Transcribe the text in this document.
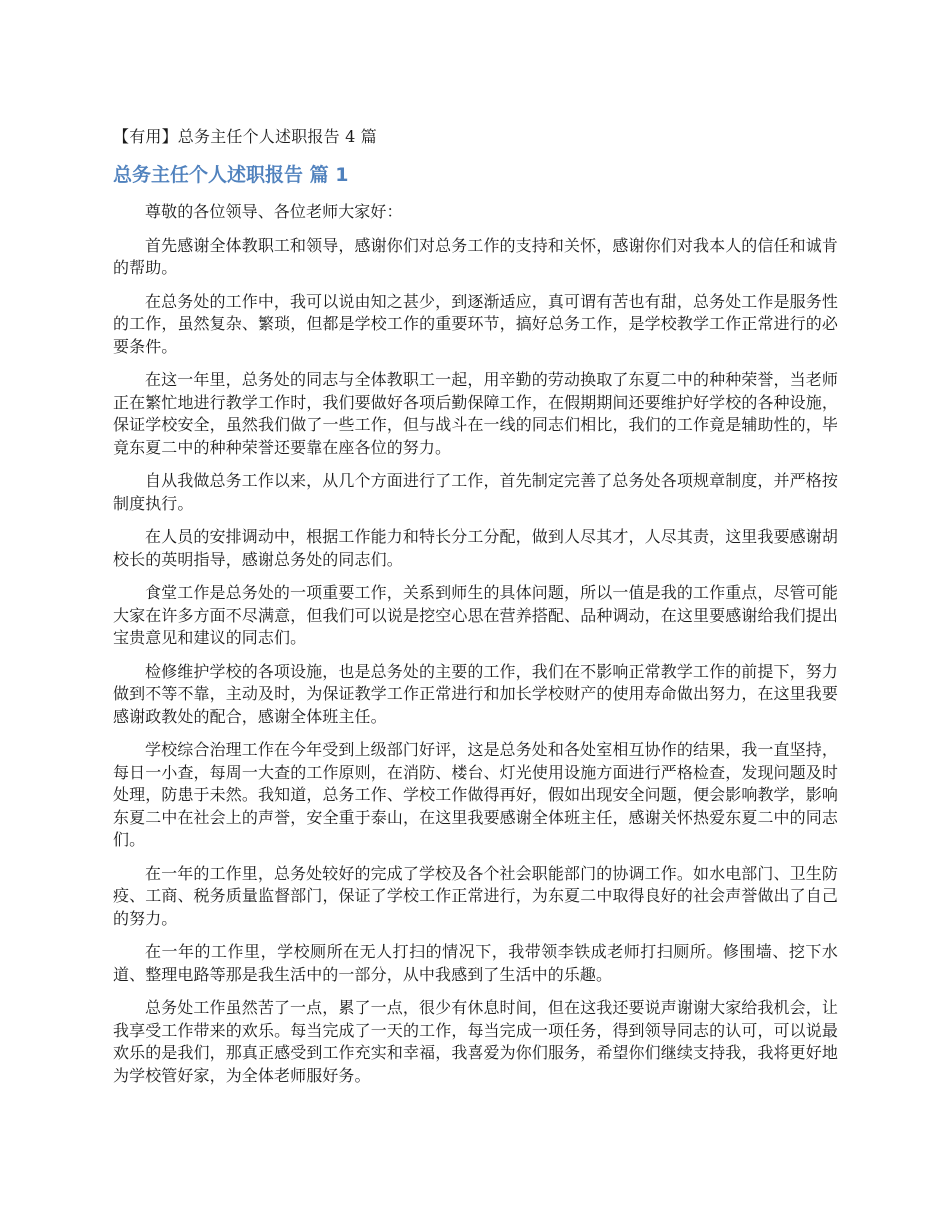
【有用】总务主任个人述职报告 4 篇
总务主任个人述职报告 篇 1

尊敬的各位领导、各位老师大家好：

首先感谢全体教职工和领导，感谢你们对总务工作的支持和关怀，感谢你们对我本人的信任和诚肯的帮助。

在总务处的工作中，我可以说由知之甚少，到逐渐适应，真可谓有苦也有甜，总务处工作是服务性的工作，虽然复杂、繁琐，但都是学校工作的重要环节，搞好总务工作，是学校教学工作正常进行的必要条件。

在这一年里，总务处的同志与全体教职工一起，用辛勤的劳动换取了东夏二中的种种荣誉，当老师正在繁忙地进行教学工作时，我们要做好各项后勤保障工作，在假期期间还要维护好学校的各种设施，保证学校安全，虽然我们做了一些工作，但与战斗在一线的同志们相比，我们的工作竟是辅助性的，毕竟东夏二中的种种荣誉还要靠在座各位的努力。

自从我做总务工作以来，从几个方面进行了工作，首先制定完善了总务处各项规章制度，并严格按制度执行。

在人员的安排调动中，根据工作能力和特长分工分配，做到人尽其才，人尽其责，这里我要感谢胡校长的英明指导，感谢总务处的同志们。

食堂工作是总务处的一项重要工作，关系到师生的具体问题，所以一值是我的工作重点，尽管可能大家在许多方面不尽满意，但我们可以说是挖空心思在营养搭配、品种调动，在这里要感谢给我们提出宝贵意见和建议的同志们。

检修维护学校的各项设施，也是总务处的主要的工作，我们在不影响正常教学工作的前提下，努力做到不等不靠，主动及时，为保证教学工作正常进行和加长学校财产的使用寿命做出努力，在这里我要感谢政教处的配合，感谢全体班主任。

学校综合治理工作在今年受到上级部门好评，这是总务处和各处室相互协作的结果，我一直坚持，每日一小查，每周一大查的工作原则，在消防、楼台、灯光使用设施方面进行严格检查，发现问题及时处理，防患于未然。我知道，总务工作、学校工作做得再好，假如出现安全问题，便会影响教学，影响东夏二中在社会上的声誉，安全重于泰山，在这里我要感谢全体班主任，感谢关怀热爱东夏二中的同志们。

在一年的工作里，总务处较好的完成了学校及各个社会职能部门的协调工作。如水电部门、卫生防疫、工商、税务质量监督部门，保证了学校工作正常进行，为东夏二中取得良好的社会声誉做出了自己的努力。

在一年的工作里，学校厕所在无人打扫的情况下，我带领李铁成老师打扫厕所。修围墙、挖下水道、整理电路等那是我生活中的一部分，从中我感到了生活中的乐趣。

总务处工作虽然苦了一点，累了一点，很少有休息时间，但在这我还要说声谢谢大家给我机会，让我享受工作带来的欢乐。每当完成了一天的工作，每当完成一项任务，得到领导同志的认可，可以说最欢乐的是我们，那真正感受到工作充实和幸福，我喜爱为你们服务，希望你们继续支持我，我将更好地为学校管好家，为全体老师服好务。
